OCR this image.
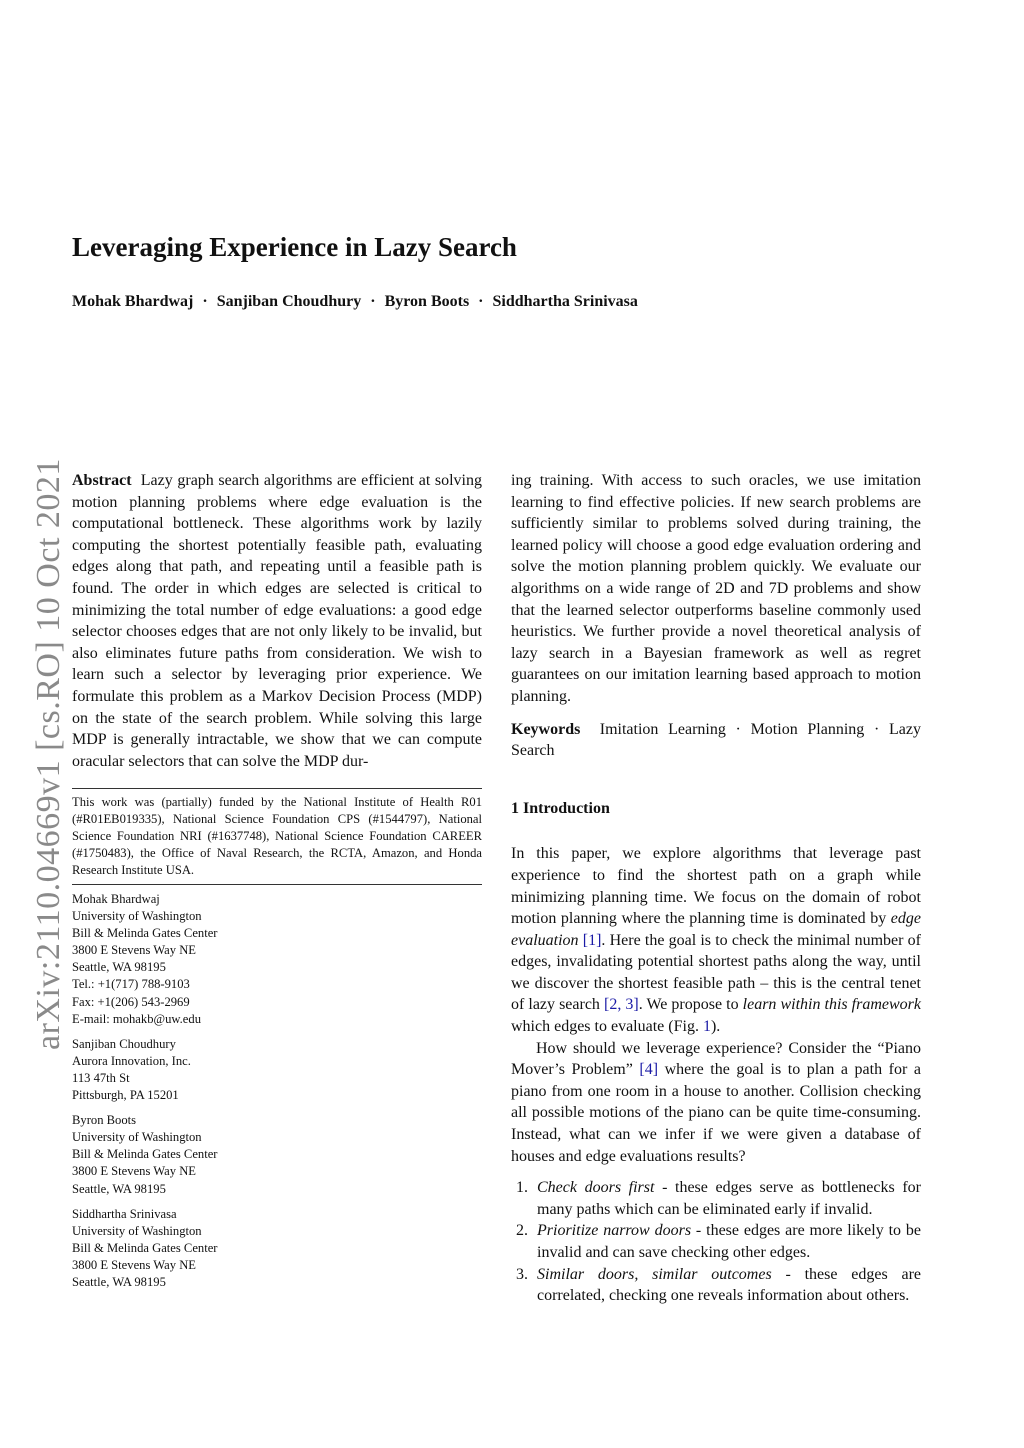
arXiv:2110.04669v1 [cs.RO] 10 Oct 2021
Leveraging Experience in Lazy Search
Mohak Bhardwaj · Sanjiban Choudhury · Byron Boots · Siddhartha Srinivasa

Abstract Lazy graph search algorithms are efficient at solving motion planning problems where edge evaluation is the computational bottleneck. These algorithms work by lazily computing the shortest potentially feasible path, evaluating edges along that path, and repeating until a feasible path is found. The order in which edges are selected is critical to minimizing the total number of edge evaluations: a good edge selector chooses edges that are not only likely to be invalid, but also eliminates future paths from consideration. We wish to learn such a selector by leveraging prior experience. We formulate this problem as a Markov Decision Process (MDP) on the state of the search problem. While solving this large MDP is generally intractable, we show that we can compute oracular selectors that can solve the MDP dur-

This work was (partially) funded by the National Institute of Health R01 (#R01EB019335), National Science Foundation CPS (#1544797), National Science Foundation NRI (#1637748), National Science Foundation CAREER (#1750483), the Office of Naval Research, the RCTA, Amazon, and Honda Research Institute USA.
Mohak Bhardwaj
University of Washington
Bill & Melinda Gates Center
3800 E Stevens Way NE
Seattle, WA 98195
Tel.: +1(717) 788-9103
Fax: +1(206) 543-2969
E-mail: mohakb@uw.edu
Sanjiban Choudhury
Aurora Innovation, Inc.
113 47th St
Pittsburgh, PA 15201
Byron Boots
University of Washington
Bill & Melinda Gates Center
3800 E Stevens Way NE
Seattle, WA 98195
Siddhartha Srinivasa
University of Washington
Bill & Melinda Gates Center
3800 E Stevens Way NE
Seattle, WA 98195

ing training. With access to such oracles, we use imitation learning to find effective policies. If new search problems are sufficiently similar to problems solved during training, the learned policy will choose a good edge evaluation ordering and solve the motion planning problem quickly. We evaluate our algorithms on a wide range of 2D and 7D problems and show that the learned selector outperforms baseline commonly used heuristics. We further provide a novel theoretical analysis of lazy search in a Bayesian framework as well as regret guarantees on our imitation learning based approach to motion planning.

Keywords Imitation Learning · Motion Planning · Lazy Search

1 Introduction

In this paper, we explore algorithms that leverage past experience to find the shortest path on a graph while minimizing planning time. We focus on the domain of robot motion planning where the planning time is dominated by edge evaluation [1]. Here the goal is to check the minimal number of edges, invalidating potential shortest paths along the way, until we discover the shortest feasible path – this is the central tenet of lazy search [2, 3]. We propose to learn within this framework which edges to evaluate (Fig. 1).

How should we leverage experience? Consider the “Piano Mover’s Problem” [4] where the goal is to plan a path for a piano from one room in a house to another. Collision checking all possible motions of the piano can be quite time-consuming. Instead, what can we infer if we were given a database of houses and edge evaluations results?

1. Check doors first - these edges serve as bottlenecks for many paths which can be eliminated early if invalid.
2. Prioritize narrow doors - these edges are more likely to be invalid and can save checking other edges.
3. Similar doors, similar outcomes - these edges are correlated, checking one reveals information about others.
